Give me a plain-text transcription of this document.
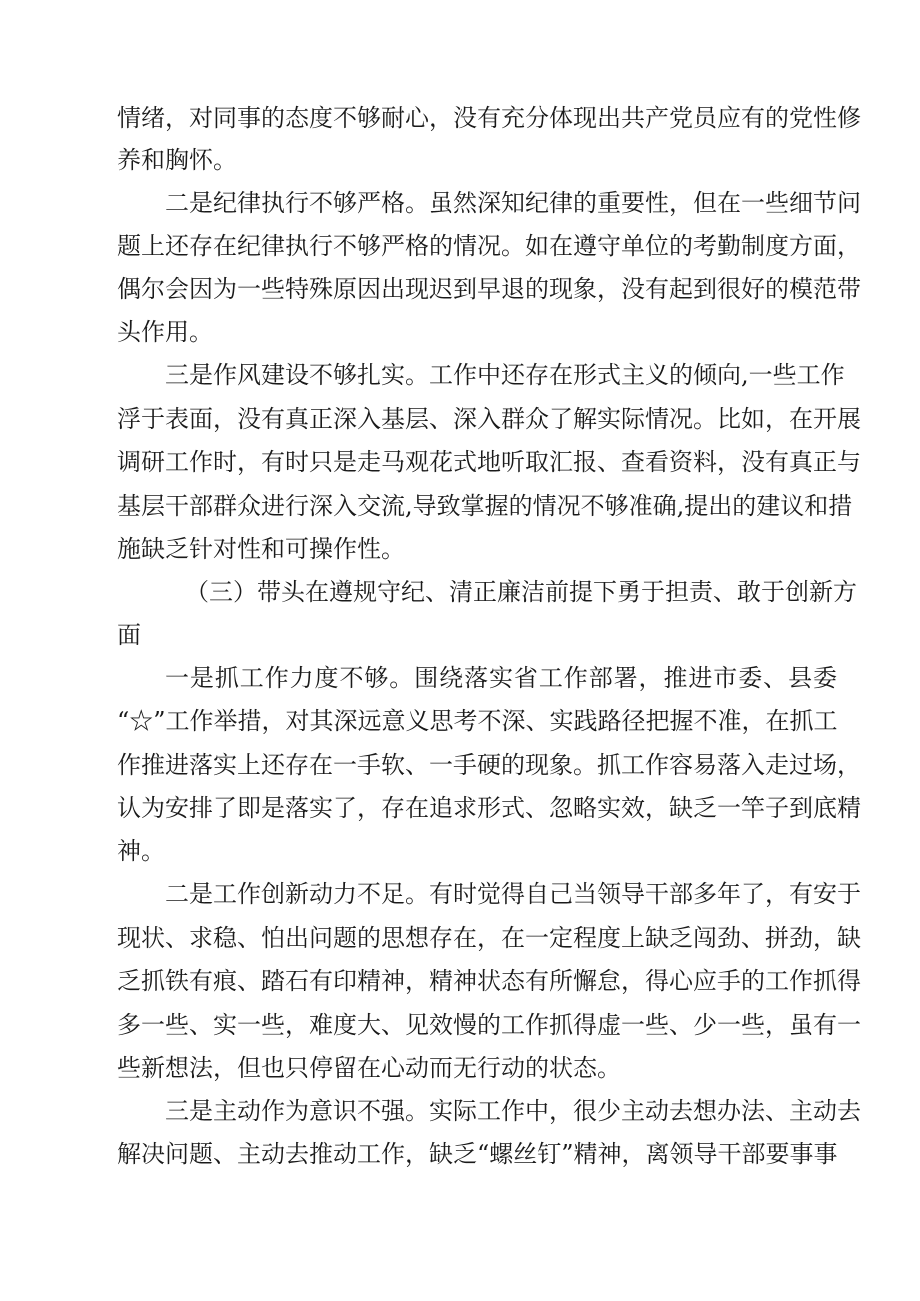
情绪，对同事的态度不够耐心，没有充分体现出共产党员应有的党性修
养和胸怀。
二是纪律执行不够严格。虽然深知纪律的重要性，但在一些细节问
题上还存在纪律执行不够严格的情况。如在遵守单位的考勤制度方面，
偶尔会因为一些特殊原因出现迟到早退的现象，没有起到很好的模范带
头作用。
三是作风建设不够扎实。工作中还存在形式主义的倾向,一些工作
浮于表面，没有真正深入基层、深入群众了解实际情况。比如，在开展
调研工作时，有时只是走马观花式地听取汇报、查看资料，没有真正与
基层干部群众进行深入交流,导致掌握的情况不够准确,提出的建议和措
施缺乏针对性和可操作性。
（三）带头在遵规守纪、清正廉洁前提下勇于担责、敢于创新方
面
一是抓工作力度不够。围绕落实省工作部署，推进市委、县委
“☆”工作举措，对其深远意义思考不深、实践路径把握不准，在抓工
作推进落实上还存在一手软、一手硬的现象。抓工作容易落入走过场，
认为安排了即是落实了，存在追求形式、忽略实效，缺乏一竿子到底精
神。
二是工作创新动力不足。有时觉得自己当领导干部多年了，有安于
现状、求稳、怕出问题的思想存在，在一定程度上缺乏闯劲、拼劲，缺
乏抓铁有痕、踏石有印精神，精神状态有所懈怠，得心应手的工作抓得
多一些、实一些，难度大、见效慢的工作抓得虚一些、少一些，虽有一
些新想法，但也只停留在心动而无行动的状态。
三是主动作为意识不强。实际工作中，很少主动去想办法、主动去
解决问题、主动去推动工作，缺乏“螺丝钉”精神，离领导干部要事事
